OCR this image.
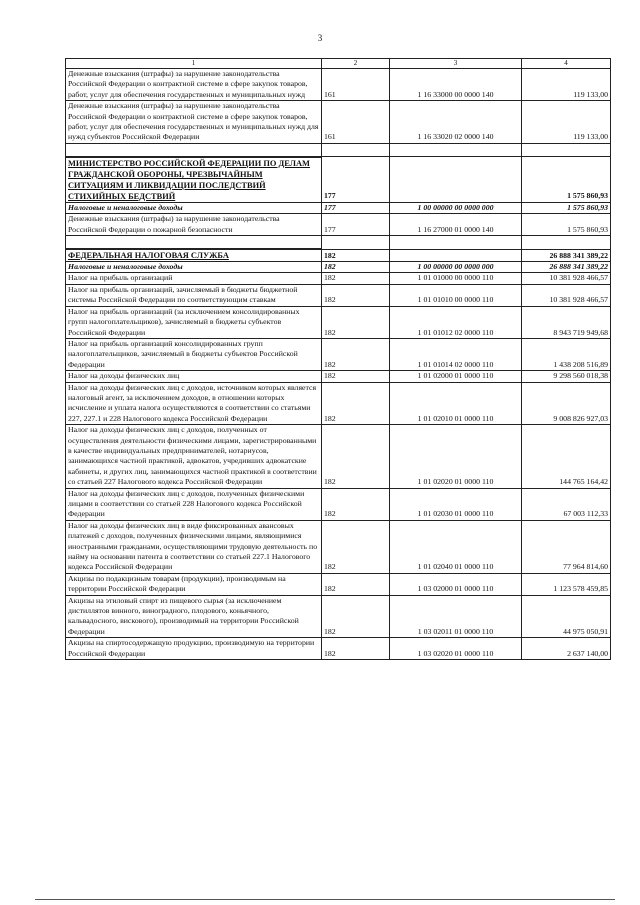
3
1	2	3	4
Денежные взыскания (штрафы) за нарушение законодательства Российской Федерации о контрактной системе в сфере закупок товаров, работ, услуг для обеспечения государственных и муниципальных нужд	161	1 16 33000 00 0000 140	119 133,00
Денежные взыскания (штрафы) за нарушение законодательства Российской Федерации о контрактной системе в сфере закупок товаров, работ, услуг для обеспечения государственных и муниципальных нужд для нужд субъектов Российской Федерации	161	1 16 33020 02 0000 140	119 133,00

МИНИСТЕРСТВО РОССИЙСКОЙ ФЕДЕРАЦИИ ПО ДЕЛАМ ГРАЖДАНСКОЙ ОБОРОНЫ, ЧРЕЗВЫЧАЙНЫМ СИТУАЦИЯМ И ЛИКВИДАЦИИ ПОСЛЕДСТВИЙ СТИХИЙНЫХ БЕДСТВИЙ	177		1 575 860,93
Налоговые и неналоговые доходы	177	1 00 00000 00 0000 000	1 575 860,93
Денежные взыскания (штрафы) за нарушение законодательства Российской Федерации о пожарной безопасности	177	1 16 27000 01 0000 140	1 575 860,93

ФЕДЕРАЛЬНАЯ НАЛОГОВАЯ СЛУЖБА	182		26 888 341 389,22
Налоговые и неналоговые доходы	182	1 00 00000 00 0000 000	26 888 341 389,22
Налог на прибыль организаций	182	1 01 01000 00 0000 110	10 381 928 466,57
Налог на прибыль организаций, зачисляемый в бюджеты бюджетной системы Российской Федерации по соответствующим ставкам	182	1 01 01010 00 0000 110	10 381 928 466,57
Налог на прибыль организаций (за исключением консолидированных групп налогоплательщиков), зачисляемый в бюджеты субъектов Российской Федерации	182	1 01 01012 02 0000 110	8 943 719 949,68
Налог на прибыль организаций консолидированных групп налогоплательщиков, зачисляемый в бюджеты субъектов Российской Федерации	182	1 01 01014 02 0000 110	1 438 208 516,89
Налог на доходы физических лиц	182	1 01 02000 01 0000 110	9 298 560 018,38
Налог на доходы физических лиц с доходов, источником которых является налоговый агент, за исключением доходов, в отношении которых исчисление и уплата налога осуществляются в соответствии со статьями 227, 227.1 и 228 Налогового кодекса Российской Федерации	182	1 01 02010 01 0000 110	9 008 826 927,03
Налог на доходы физических лиц с доходов, полученных от осуществления деятельности физическими лицами, зарегистрированными в качестве индивидуальных предпринимателей, нотариусов, занимающихся частной практикой, адвокатов, учредивших адвокатские кабинеты, и других лиц, занимающихся частной практикой в соответствии со статьей 227 Налогового кодекса Российской Федерации	182	1 01 02020 01 0000 110	144 765 164,42
Налог на доходы физических лиц с доходов, полученных физическими лицами в соответствии со статьей 228 Налогового кодекса Российской Федерации	182	1 01 02030 01 0000 110	67 003 112,33
Налог на доходы физических лиц в виде фиксированных авансовых платежей с доходов, полученных физическими лицами, являющимися иностранными гражданами, осуществляющими трудовую деятельность по найму на основании патента в соответствии со статьей 227.1 Налогового кодекса Российской Федерации	182	1 01 02040 01 0000 110	77 964 814,60
Акцизы по подакцизным товарам (продукции), производимым на территории Российской Федерации	182	1 03 02000 01 0000 110	1 123 578 459,85
Акцизы на этиловый спирт из пищевого сырья (за исключением дистиллятов винного, виноградного, плодового, коньячного, кальвадосного, вискового), производимый на территории Российской Федерации	182	1 03 02011 01 0000 110	44 975 050,91
Акцизы на спиртосодержащую продукцию, производимую на территории Российской Федерации	182	1 03 02020 01 0000 110	2 637 140,00
